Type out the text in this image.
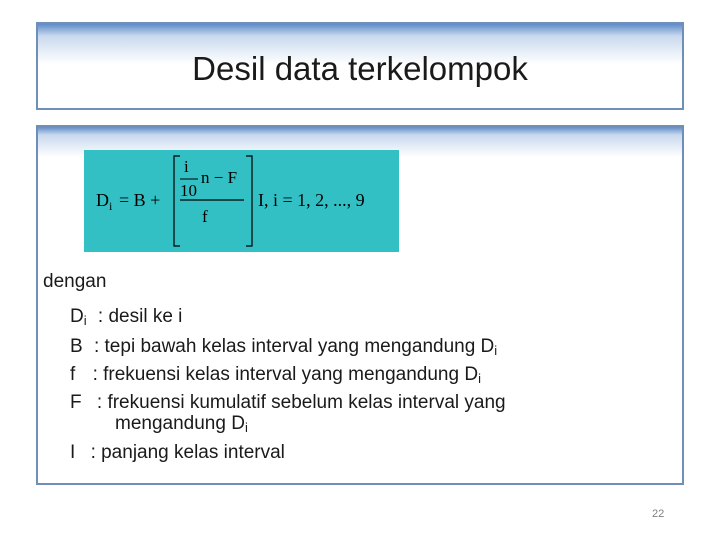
Desil data terkelompok
$D_i = B$ +
i
10
n − F
f
I, i = 1, 2, ..., 9
dengan
$D_i$ : desil ke i
B : tepi bawah kelas interval yang mengandung $D_i$
f : frekuensi kelas interval yang mengandung $D_i$
F : frekuensi kumulatif sebelum kelas interval yang
mengandung $D_i$
I : panjang kelas interval
22
